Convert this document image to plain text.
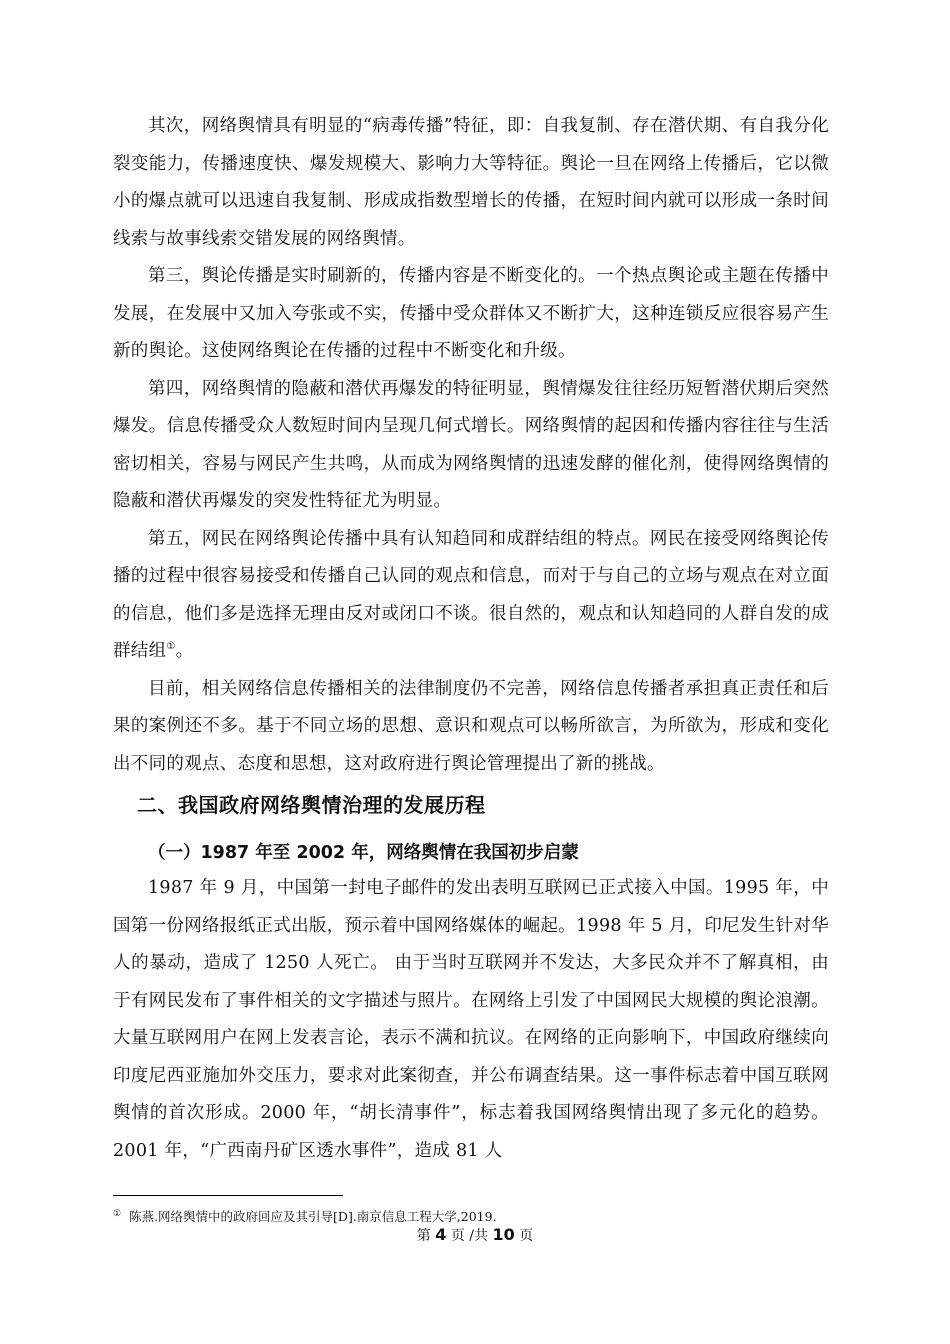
其次，网络舆情具有明显的“病毒传播”特征，即：自我复制、存在潜伏期、有自我分化裂变能力，传播速度快、爆发规模大、影响力大等特征。舆论一旦在网络上传播后，它以微小的爆点就可以迅速自我复制、形成成指数型增长的传播，在短时间内就可以形成一条时间线索与故事线索交错发展的网络舆情。

第三，舆论传播是实时刷新的，传播内容是不断变化的。一个热点舆论或主题在传播中发展，在发展中又加入夸张或不实，传播中受众群体又不断扩大，这种连锁反应很容易产生新的舆论。这使网络舆论在传播的过程中不断变化和升级。

第四，网络舆情的隐蔽和潜伏再爆发的特征明显，舆情爆发往往经历短暂潜伏期后突然爆发。信息传播受众人数短时间内呈现几何式增长。网络舆情的起因和传播内容往往与生活密切相关，容易与网民产生共鸣，从而成为网络舆情的迅速发酵的催化剂，使得网络舆情的隐蔽和潜伏再爆发的突发性特征尤为明显。

第五，网民在网络舆论传播中具有认知趋同和成群结组的特点。网民在接受网络舆论传播的过程中很容易接受和传播自己认同的观点和信息，而对于与自己的立场与观点在对立面的信息，他们多是选择无理由反对或闭口不谈。很自然的，观点和认知趋同的人群自发的成群结组①。

目前，相关网络信息传播相关的法律制度仍不完善，网络信息传播者承担真正责任和后果的案例还不多。基于不同立场的思想、意识和观点可以畅所欲言，为所欲为，形成和变化出不同的观点、态度和思想，这对政府进行舆论管理提出了新的挑战。

二、我国政府网络舆情治理的发展历程
（一）1987 年至 2002 年，网络舆情在我国初步启蒙

1987 年 9 月，中国第一封电子邮件的发出表明互联网已正式接入中国。1995 年，中国第一份网络报纸正式出版，预示着中国网络媒体的崛起。1998 年 5 月，印尼发生针对华人的暴动，造成了 1250 人死亡。 由于当时互联网并不发达，大多民众并不了解真相，由于有网民发布了事件相关的文字描述与照片。在网络上引发了中国网民大规模的舆论浪潮。大量互联网用户在网上发表言论，表示不满和抗议。在网络的正向影响下，中国政府继续向印度尼西亚施加外交压力，要求对此案彻查，并公布调查结果。这一事件标志着中国互联网舆情的首次形成。2000 年，“胡长清事件”，标志着我国网络舆情出现了多元化的趋势。2001 年，“广西南丹矿区透水事件”，造成 81 人

① 陈燕.网络舆情中的政府回应及其引导[D].南京信息工程大学,2019.

第 4 页 /共 10 页
